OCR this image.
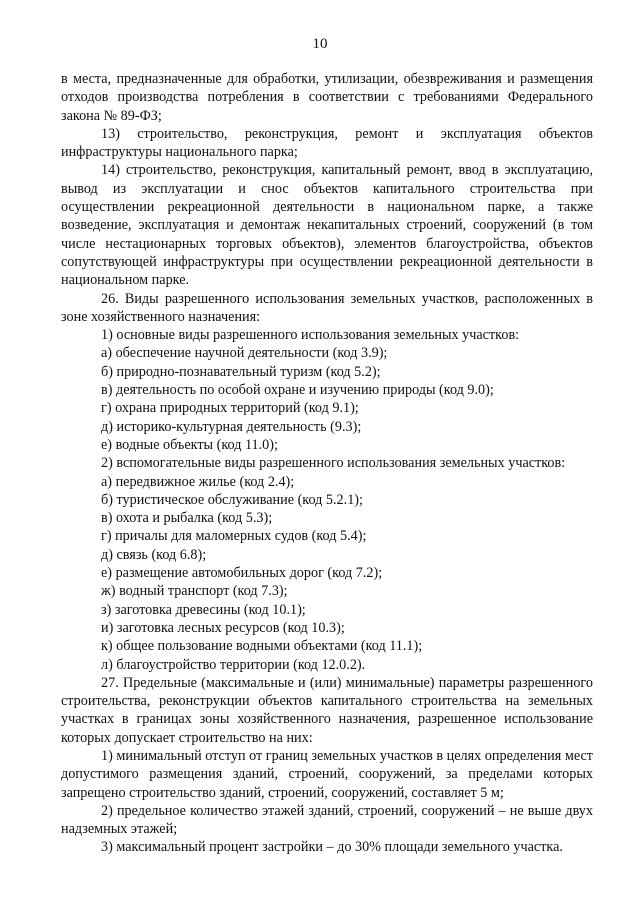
10

в места, предназначенные для обработки, утилизации, обезвреживания и размещения отходов производства потребления в соответствии с требованиями Федерального закона № 89-ФЗ;

13) строительство, реконструкция, ремонт и эксплуатация объектов инфраструктуры национального парка;

14) строительство, реконструкция, капитальный ремонт, ввод в эксплуатацию, вывод из эксплуатации и снос объектов капитального строительства при осуществлении рекреационной деятельности в национальном парке, а также возведение, эксплуатация и демонтаж некапитальных строений, сооружений (в том числе нестационарных торговых объектов), элементов благоустройства, объектов сопутствующей инфраструктуры при осуществлении рекреационной деятельности в национальном парке.

26. Виды разрешенного использования земельных участков, расположенных в зоне хозяйственного назначения:

1) основные виды разрешенного использования земельных участков:

а) обеспечение научной деятельности (код 3.9);

б) природно-познавательный туризм (код 5.2);

в) деятельность по особой охране и изучению природы (код 9.0);

г) охрана природных территорий (код 9.1);

д) историко-культурная деятельность (9.3);

е) водные объекты (код 11.0);

2) вспомогательные виды разрешенного использования земельных участков:

а) передвижное жилье (код 2.4);

б) туристическое обслуживание (код 5.2.1);

в) охота и рыбалка (код 5.3);

г) причалы для маломерных судов (код 5.4);

д) связь (код 6.8);

е) размещение автомобильных дорог (код 7.2);

ж) водный транспорт (код 7.3);

з) заготовка древесины (код 10.1);

и) заготовка лесных ресурсов (код 10.3);

к) общее пользование водными объектами (код 11.1);

л) благоустройство территории (код 12.0.2).

27. Предельные (максимальные и (или) минимальные) параметры разрешенного строительства, реконструкции объектов капитального строительства на земельных участках в границах зоны хозяйственного назначения, разрешенное использование которых допускает строительство на них:

1) минимальный отступ от границ земельных участков в целях определения мест допустимого размещения зданий, строений, сооружений, за пределами которых запрещено строительство зданий, строений, сооружений, составляет 5 м;

2) предельное количество этажей зданий, строений, сооружений – не выше двух надземных этажей;

3) максимальный процент застройки – до 30% площади земельного участка.
